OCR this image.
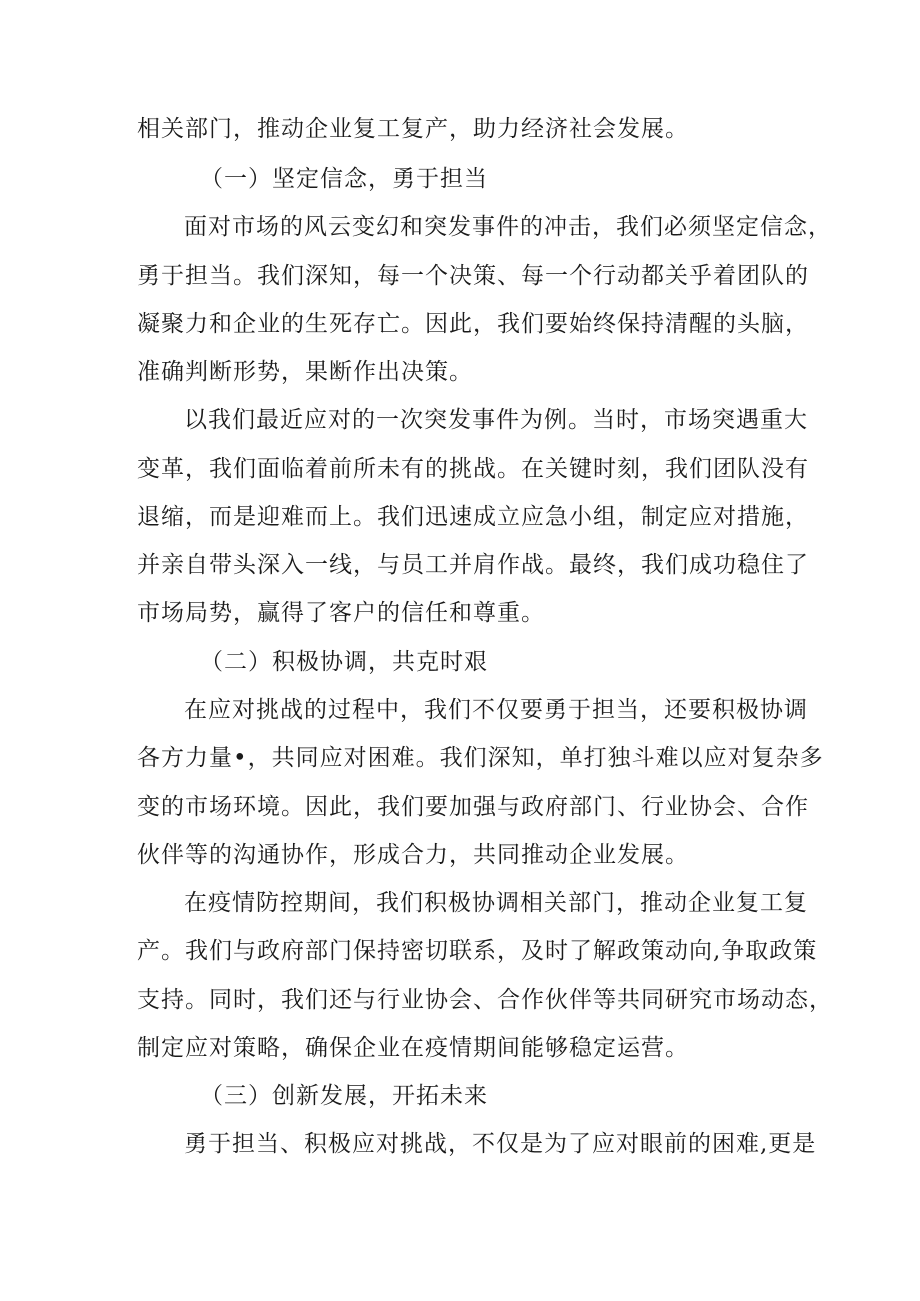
相关部门，推动企业复工复产，助力经济社会发展。
（一）坚定信念，勇于担当
面对市场的风云变幻和突发事件的冲击，我们必须坚定信念，
勇于担当。我们深知，每一个决策、每一个行动都关乎着团队的
凝聚力和企业的生死存亡。因此，我们要始终保持清醒的头脑，
准确判断形势，果断作出决策。
以我们最近应对的一次突发事件为例。当时，市场突遇重大
变革，我们面临着前所未有的挑战。在关键时刻，我们团队没有
退缩，而是迎难而上。我们迅速成立应急小组，制定应对措施，
并亲自带头深入一线，与员工并肩作战。最终，我们成功稳住了
市场局势，赢得了客户的信任和尊重。
（二）积极协调，共克时艰
在应对挑战的过程中，我们不仅要勇于担当，还要积极协调
各方力量•，共同应对困难。我们深知，单打独斗难以应对复杂多
变的市场环境。因此，我们要加强与政府部门、行业协会、合作
伙伴等的沟通协作，形成合力，共同推动企业发展。
在疫情防控期间，我们积极协调相关部门，推动企业复工复
产。我们与政府部门保持密切联系，及时了解政策动向,争取政策
支持。同时，我们还与行业协会、合作伙伴等共同研究市场动态，
制定应对策略，确保企业在疫情期间能够稳定运营。
（三）创新发展，开拓未来
勇于担当、积极应对挑战，不仅是为了应对眼前的困难,更是
